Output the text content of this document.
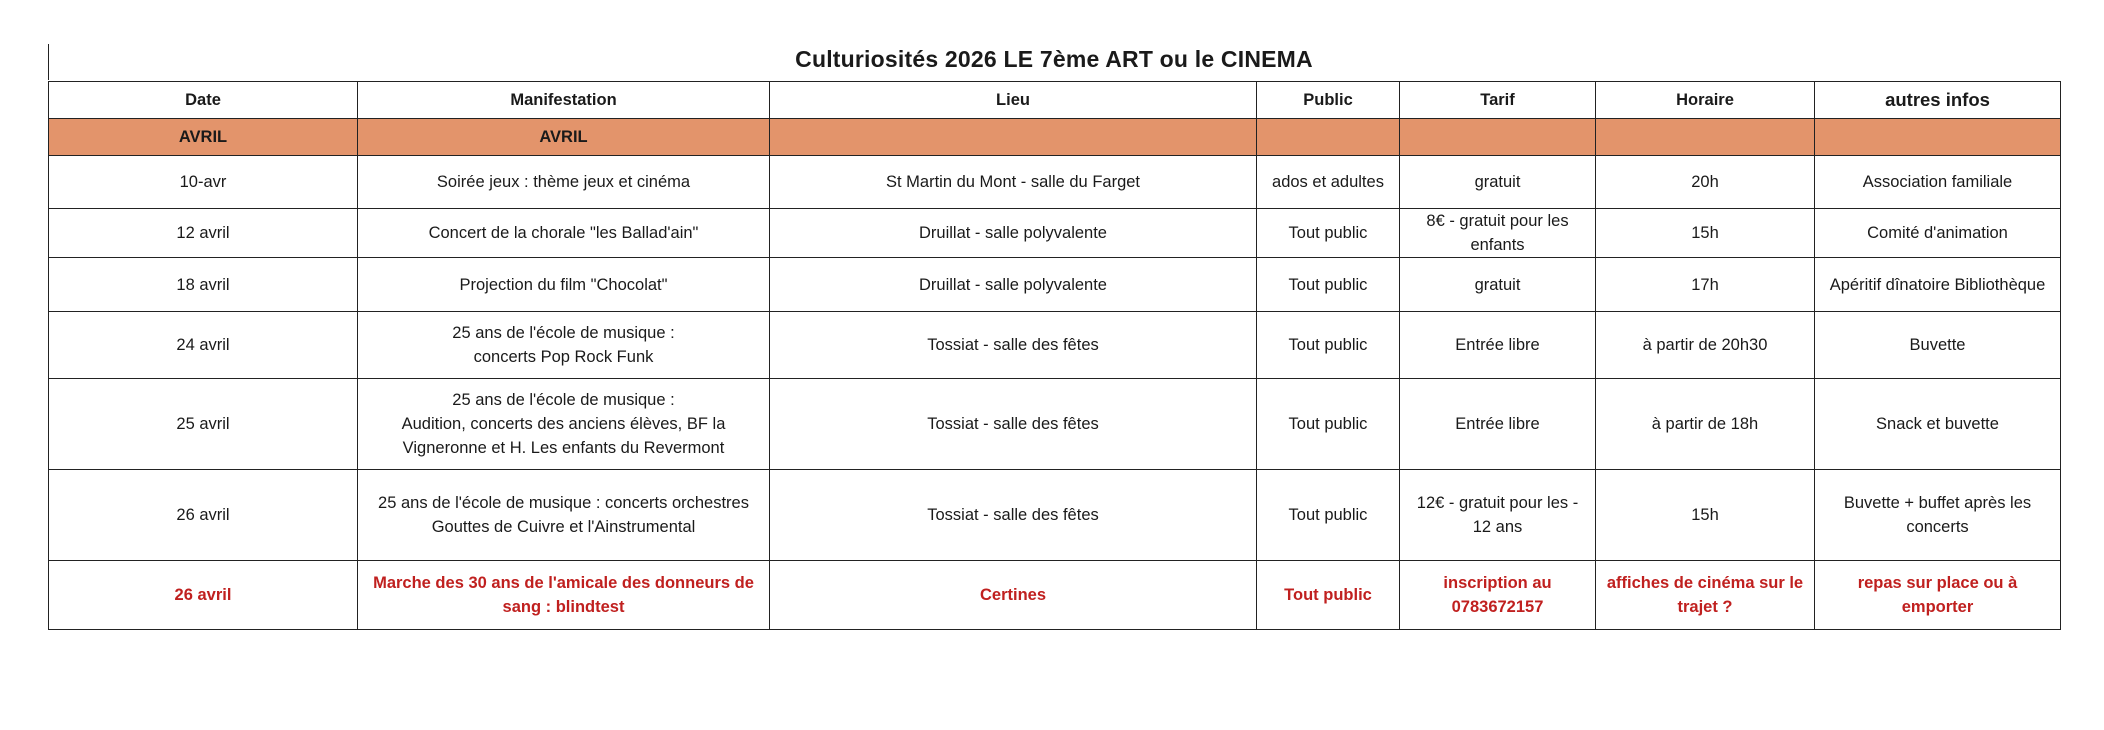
Culturiosités 2026 LE 7ème ART ou le CINEMA
Date	Manifestation	Lieu	Public	Tarif	Horaire	autres infos
AVRIL	AVRIL					
10-avr	Soirée jeux : thème jeux et cinéma	St Martin du Mont - salle du Farget	ados et adultes	gratuit	20h	Association familiale

12 avril	Concert de la chorale "les Ballad'ain"	Druillat - salle polyvalente	Tout public	8€ - gratuit pour les
enfants	15h	Comité d'animation

18 avril	Projection du film "Chocolat"	Druillat - salle polyvalente	Tout public	gratuit	17h	Apéritif dînatoire Bibliothèque

24 avril	25 ans de l'école de musique :
concerts Pop Rock Funk	Tossiat - salle des fêtes	Tout public	Entrée libre	à partir de 20h30	Buvette

25 avril	25 ans de l'école de musique :
Audition, concerts des anciens élèves, BF la
Vigneronne et H. Les enfants du Revermont	Tossiat - salle des fêtes	Tout public	Entrée libre	à partir de 18h	Snack et buvette

26 avril	25 ans de l'école de musique : concerts orchestres
Gouttes de Cuivre et l'Ainstrumental	Tossiat - salle des fêtes	Tout public	12€ - gratuit pour les -
12 ans	15h	Buvette + buffet après les
concerts

26 avril	Marche des 30 ans de l'amicale des donneurs de
sang : blindtest	Certines	Tout public	inscription au
0783672157	affiches de cinéma sur le
trajet ?	repas sur place ou à emporter
